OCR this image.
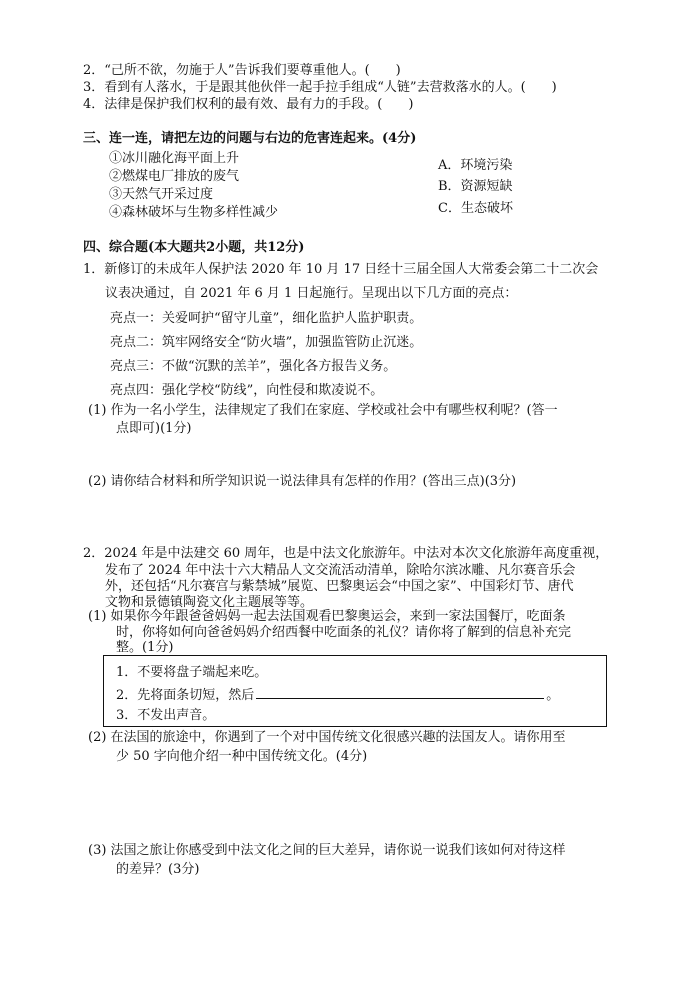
2．“己所不欲，勿施于人”告诉我们要尊重他人。(　　)
3．看到有人落水，于是跟其他伙伴一起手拉手组成“人链”去营救落水的人。(　　)
4．法律是保护我们权利的最有效、最有力的手段。(　　)
三、连一连，请把左边的问题与右边的危害连起来。(4分)
①冰川融化海平面上升
②燃煤电厂排放的废气
③天然气开采过度
④森林破坏与生物多样性减少
A．环境污染
B．资源短缺
C．生态破坏
四、综合题(本大题共2小题，共12分)
1．新修订的未成年人保护法 2020 年 10 月 17 日经十三届全国人大常委会第二十二次会
议表决通过，自 2021 年 6 月 1 日起施行。呈现出以下几方面的亮点：
亮点一：关爱呵护“留守儿童”，细化监护人监护职责。
亮点二：筑牢网络安全“防火墙”，加强监管防止沉迷。
亮点三：不做“沉默的羔羊”，强化各方报告义务。
亮点四：强化学校“防线”，向性侵和欺凌说不。
(1) 作为一名小学生，法律规定了我们在家庭、学校或社会中有哪些权利呢？(答一
点即可)(1分)
(2) 请你结合材料和所学知识说一说法律具有怎样的作用？(答出三点)(3分)
2．2024 年是中法建交 60 周年，也是中法文化旅游年。中法对本次文化旅游年高度重视，
发布了 2024 年中法十六大精品人文交流活动清单，除哈尔滨冰雕、凡尔赛音乐会
外，还包括“凡尔赛宫与紫禁城”展览、巴黎奥运会“中国之家”、中国彩灯节、唐代
文物和景德镇陶瓷文化主题展等等。
(1) 如果你今年跟爸爸妈妈一起去法国观看巴黎奥运会，来到一家法国餐厅，吃面条
时，你将如何向爸爸妈妈介绍西餐中吃面条的礼仪？请你将了解到的信息补充完
整。(1分)
1．不要将盘子端起来吃。
2．先将面条切短，然后	。
3．不发出声音。
(2) 在法国的旅途中，你遇到了一个对中国传统文化很感兴趣的法国友人。请你用至
少 50 字向他介绍一种中国传统文化。(4分)
(3) 法国之旅让你感受到中法文化之间的巨大差异，请你说一说我们该如何对待这样
的差异？(3分)
